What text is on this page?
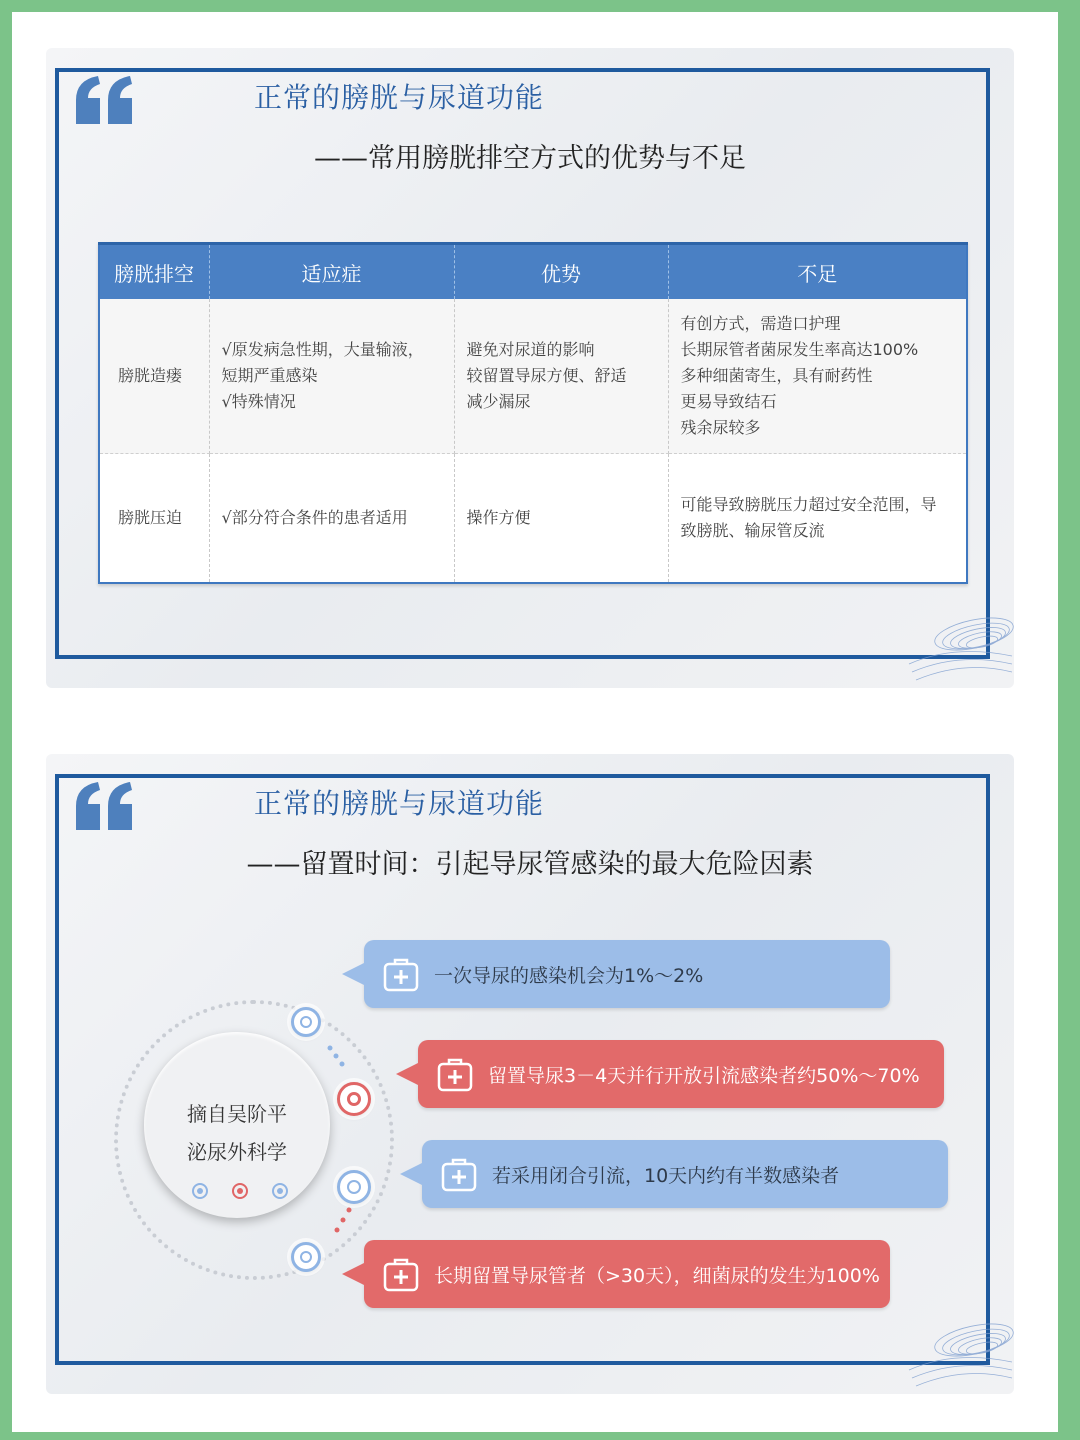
正常的膀胱与尿道功能
——常用膀胱排空方式的优势与不足
膀胱排空	适应症	优势	不足
膀胱造瘘	√原发病急性期，大量输液，
短期严重感染
√特殊情况	避免对尿道的影响
较留置导尿方便、舒适
减少漏尿	有创方式，需造口护理
长期尿管者菌尿发生率高达100%
多种细菌寄生，具有耐药性
更易导致结石
残余尿较多

膀胱压迫	√部分符合条件的患者适用	操作方便	可能导致膀胱压力超过安全范围，导
致膀胱、输尿管反流
正常的膀胱与尿道功能
——留置时间：引起导尿管感染的最大危险因素
摘自吴阶平
泌尿外科学
一次导尿的感染机会为1%～2%
留置导尿3－4天并行开放引流感染者约50%～70%
若采用闭合引流，10天内约有半数感染者
长期留置导尿管者（>30天），细菌尿的发生为100%
